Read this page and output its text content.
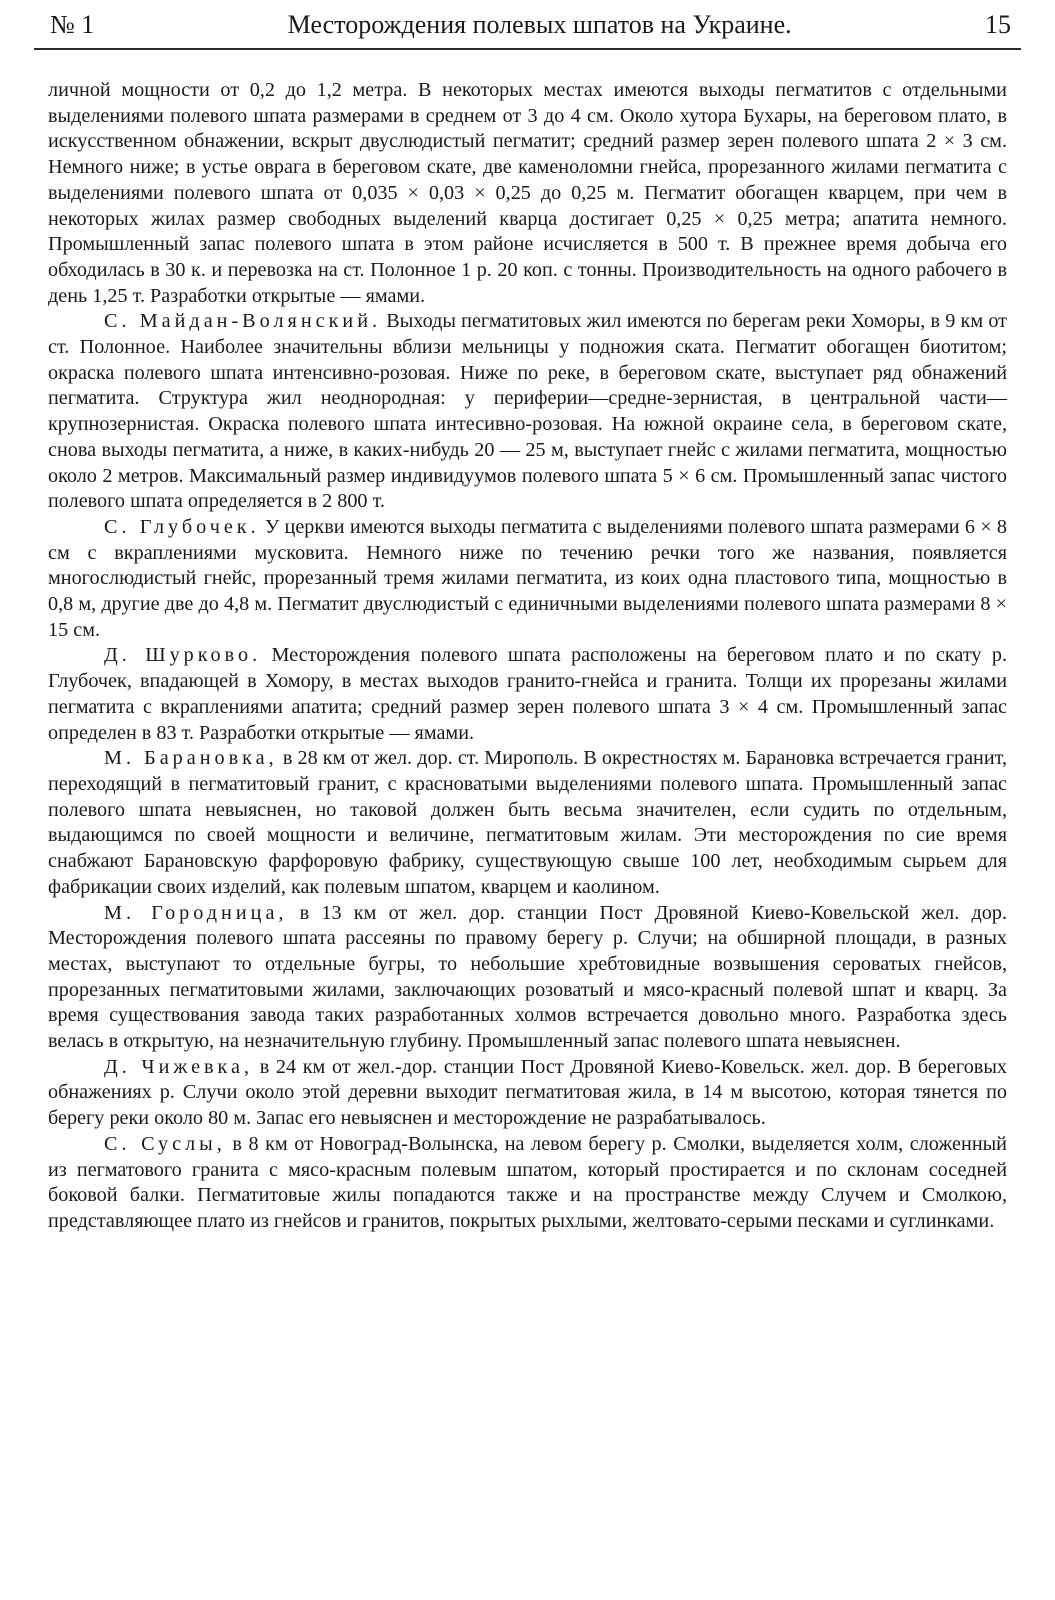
№ 1	Месторождения полевых шпатов на Украине.	15

личной мощности от 0,2 до 1,2 метра. В некоторых местах имеются выходы пегматитов с отдельными выделениями полевого шпата размерами в среднем от 3 до 4 см. Около хутора Бухары, на береговом плато, в искусственном обнажении, вскрыт двуслюдистый пегматит; средний размер зерен полевого шпата 2 × 3 см. Немного ниже; в устье оврага в береговом скате, две каменоломни гнейса, прорезанного жилами пегматита с выделениями полевого шпата от 0,035 × 0,03 × 0,25 до 0,25 м. Пегматит обогащен кварцем, при чем в некоторых жилах размер свободных выделений кварца достигает 0,25 × 0,25 метра; апатита немного. Промышленный запас полевого шпата в этом районе исчисляется в 500 т. В прежнее время добыча его обходилась в 30 к. и перевозка на ст. Полонное 1 р. 20 коп. с тонны. Производительность на одного рабочего в день 1,25 т. Разработки открытые — ямами.

С. Майдан-Волянский. Выходы пегматитовых жил имеются по берегам реки Хоморы, в 9 км от ст. Полонное. Наиболее значительны вблизи мельницы у подножия ската. Пегматит обогащен биотитом; окраска полевого шпата интенсивно-розовая. Ниже по реке, в береговом скате, выступает ряд обнажений пегматита. Структура жил неоднородная: у периферии—средне-зернистая, в центральной части—крупнозернистая. Окраска полевого шпата интесивно-розовая. На южной окраине села, в береговом скате, снова выходы пегматита, а ниже, в каких-нибудь 20 — 25 м, выступает гнейс с жилами пегматита, мощностью около 2 метров. Максимальный размер индивидуумов полевого шпата 5 × 6 см. Промышленный запас чистого полевого шпата определяется в 2 800 т.

С. Глубочек. У церкви имеются выходы пегматита с выделениями полевого шпата размерами 6 × 8 см с вкраплениями мусковита. Немного ниже по течению речки того же названия, появляется многослюдистый гнейс, прорезанный тремя жилами пегматита, из коих одна пластового типа, мощностью в 0,8 м, другие две до 4,8 м. Пегматит двуслюдистый с единичными выделениями полевого шпата размерами 8 × 15 см.

Д. Шурково. Месторождения полевого шпата расположены на береговом плато и по скату р. Глубочек, впадающей в Хомору, в местах выходов гранито-гнейса и гранита. Толщи их прорезаны жилами пегматита с вкраплениями апатита; средний размер зерен полевого шпата 3 × 4 см. Промышленный запас определен в 83 т. Разработки открытые — ямами.

М. Барановка, в 28 км от жел. дор. ст. Мирополь. В окрестностях м. Барановка встречается гранит, переходящий в пегматитовый гранит, с красноватыми выделениями полевого шпата. Промышленный запас полевого шпата невыяснен, но таковой должен быть весьма значителен, если судить по отдельным, выдающимся по своей мощности и величине, пегматитовым жилам. Эти месторождения по сие время снабжают Барановскую фарфоровую фабрику, существующую свыше 100 лет, необходимым сырьем для фабрикации своих изделий, как полевым шпатом, кварцем и каолином.

М. Городница, в 13 км от жел. дор. станции Пост Дровяной Киево-Ковельской жел. дор. Месторождения полевого шпата рассеяны по правому берегу р. Случи; на обширной площади, в разных местах, выступают то отдельные бугры, то небольшие хребтовидные возвышения сероватых гнейсов, прорезанных пегматитовыми жилами, заключающих розоватый и мясо-красный полевой шпат и кварц. За время существования завода таких разработанных холмов встречается довольно много. Разработка здесь велась в открытую, на незначительную глубину. Промышленный запас полевого шпата невыяснен.

Д. Чижевка, в 24 км от жел.-дор. станции Пост Дровяной Киево-Ковельск. жел. дор. В береговых обнажениях р. Случи около этой деревни выходит пегматитовая жила, в 14 м высотою, которая тянется по берегу реки около 80 м. Запас его невыяснен и месторождение не разрабатывалось.

С. Суслы, в 8 км от Новоград-Волынска, на левом берегу р. Смолки, выделяется холм, сложенный из пегматового гранита с мясо-красным полевым шпатом, который простирается и по склонам соседней боковой балки. Пегматитовые жилы попадаются также и на пространстве между Случем и Смолкою, представляющее плато из гнейсов и гранитов, покрытых рыхлыми, желтовато-серыми песками и суглинками.
